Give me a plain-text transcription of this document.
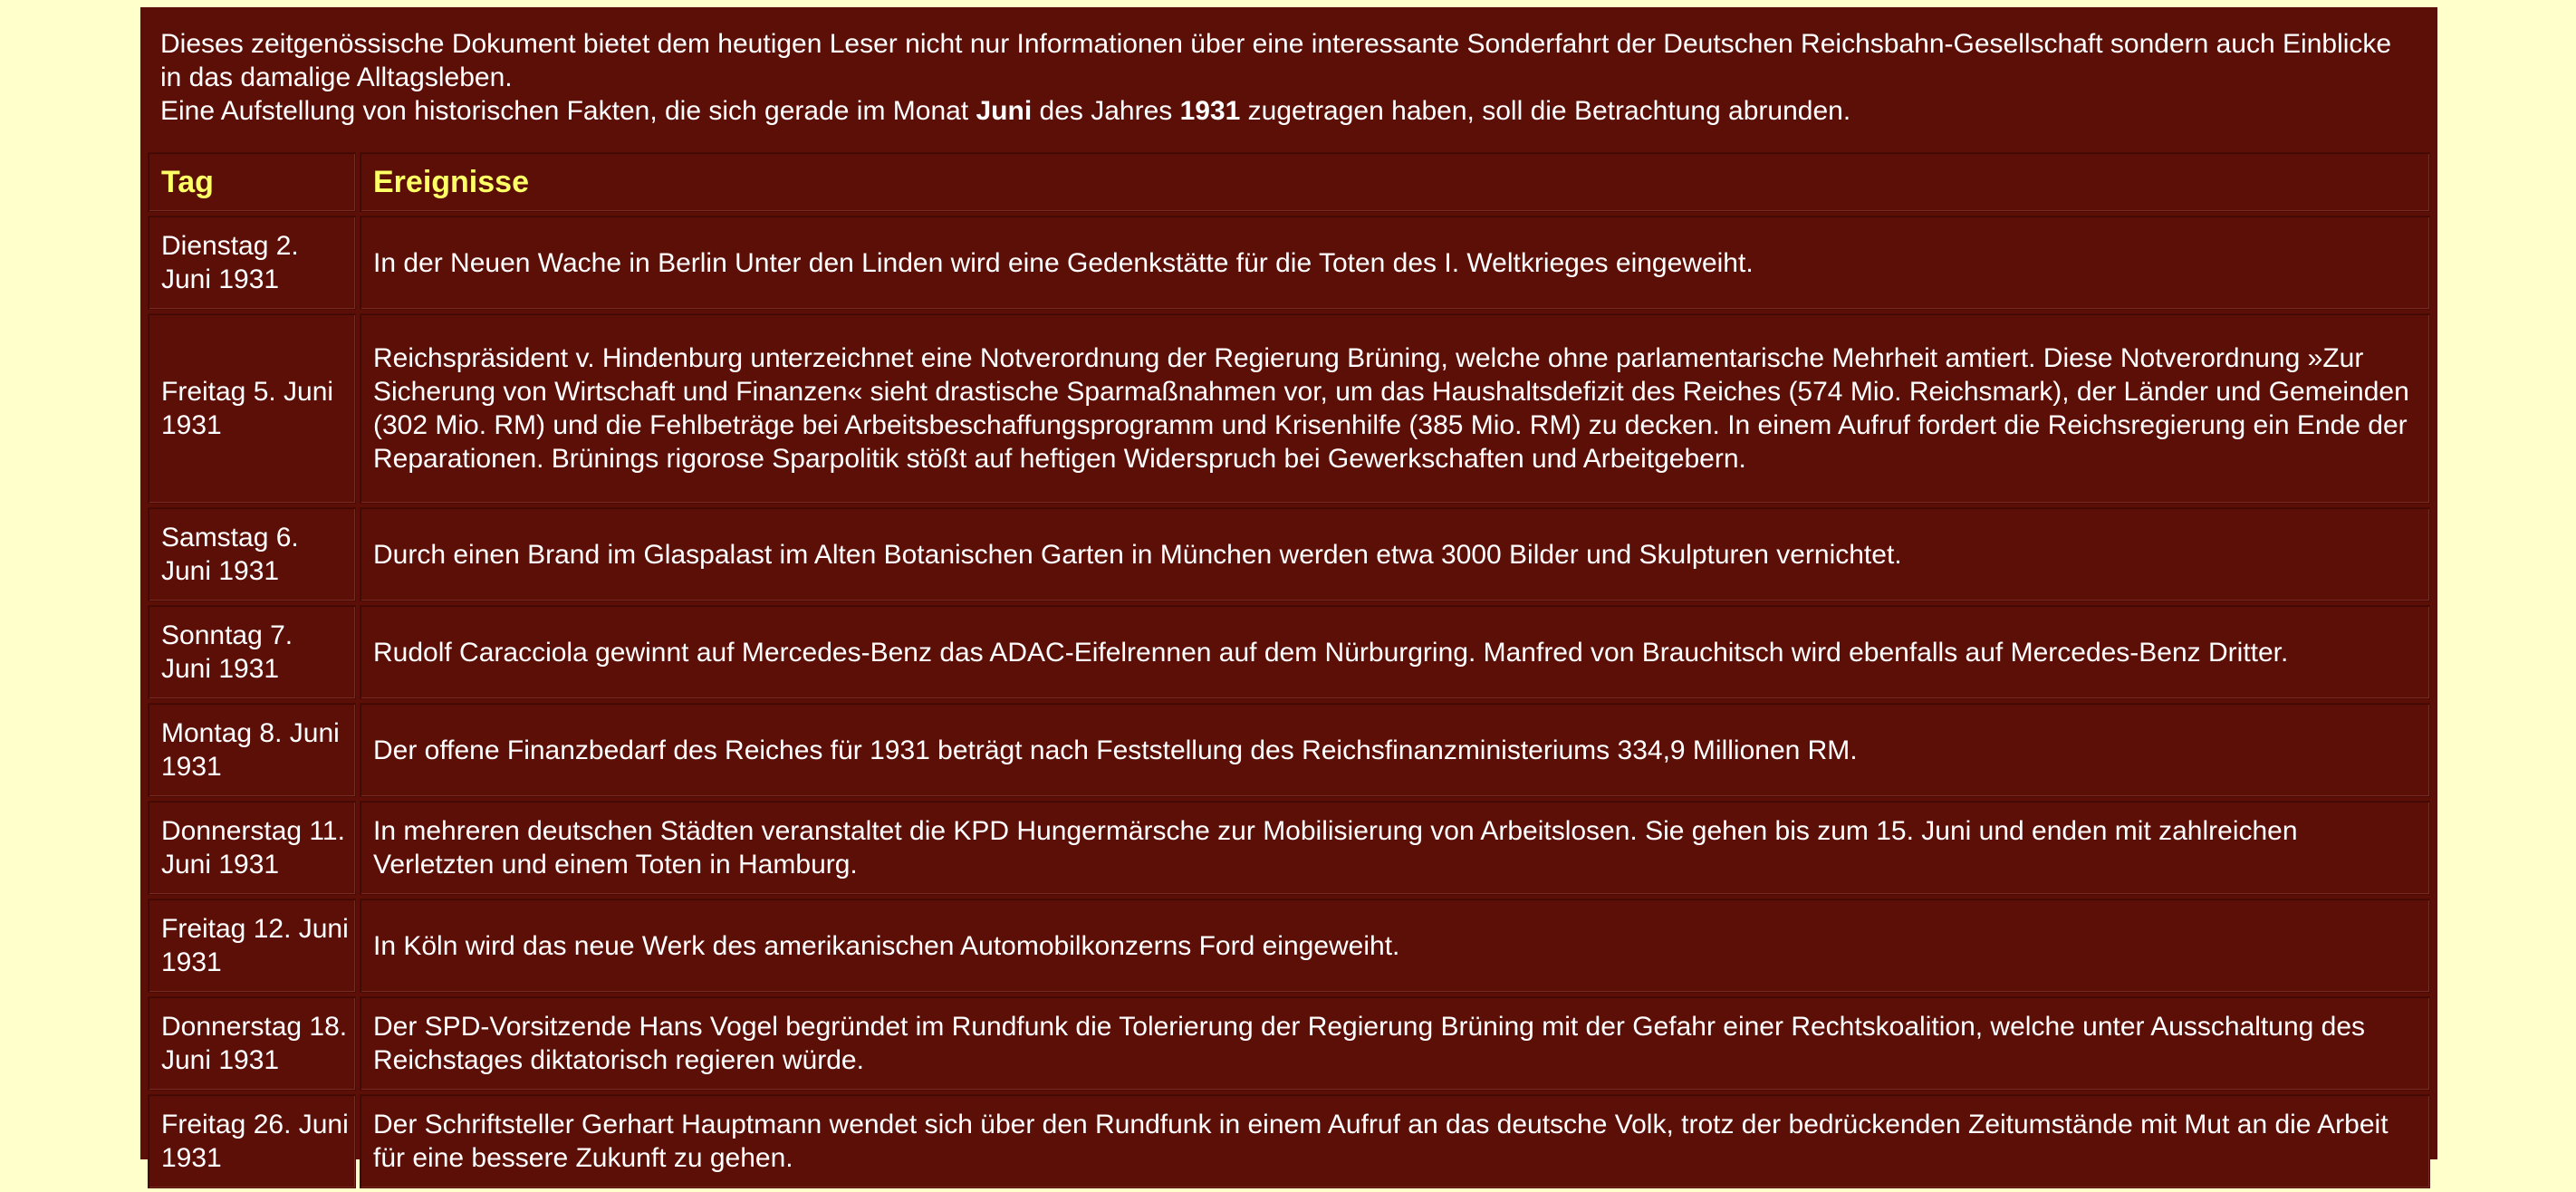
Dieses zeitgenössische Dokument bietet dem heutigen Leser nicht nur Informationen über eine interessante Sonderfahrt der Deutschen Reichsbahn-Gesellschaft sondern auch Einblicke in das damalige Alltagsleben.

Eine Aufstellung von historischen Fakten, die sich gerade im Monat Juni des Jahres 1931 zugetragen haben, soll die Betrachtung abrunden.

Tag	Ereignisse
Dienstag 2. Juni 1931	In der Neuen Wache in Berlin Unter den Linden wird eine Gedenkstätte für die Toten des I. Weltkrieges eingeweiht.
Freitag 5. Juni 1931	Reichspräsident v. Hindenburg unterzeichnet eine Notverordnung der Regierung Brüning, welche ohne parlamentarische Mehrheit amtiert. Diese Notverordnung »Zur Sicherung von Wirtschaft und Finanzen« sieht drastische Sparmaßnahmen vor, um das Haushaltsdefizit des Reiches (574 Mio. Reichsmark), der Länder und Gemeinden (302 Mio. RM) und die Fehlbeträge bei Arbeitsbeschaffungsprogramm und Krisenhilfe (385 Mio. RM) zu decken. In einem Aufruf fordert die Reichsregierung ein Ende der Reparationen. Brünings rigorose Sparpolitik stößt auf heftigen Widerspruch bei Gewerkschaften und Arbeitgebern.
Samstag 6. Juni 1931	Durch einen Brand im Glaspalast im Alten Botanischen Garten in München werden etwa 3000 Bilder und Skulpturen vernichtet.
Sonntag 7. Juni 1931	Rudolf Caracciola gewinnt auf Mercedes-Benz das ADAC-Eifelrennen auf dem Nürburgring. Manfred von Brauchitsch wird ebenfalls auf Mercedes-Benz Dritter.
Montag 8. Juni 1931	Der offene Finanzbedarf des Reiches für 1931 beträgt nach Feststellung des Reichsfinanzministeriums 334,9 Millionen RM.
Donnerstag 11. Juni 1931	In mehreren deutschen Städten veranstaltet die KPD Hungermärsche zur Mobilisierung von Arbeitslosen. Sie gehen bis zum 15. Juni und enden mit zahlreichen Verletzten und einem Toten in Hamburg.
Freitag 12. Juni 1931	In Köln wird das neue Werk des amerikanischen Automobilkonzerns Ford eingeweiht.
Donnerstag 18. Juni 1931	Der SPD-Vorsitzende Hans Vogel begründet im Rundfunk die Tolerierung der Regierung Brüning mit der Gefahr einer Rechtskoalition, welche unter Ausschaltung des Reichstages diktatorisch regieren würde.
Freitag 26. Juni 1931	Der Schriftsteller Gerhart Hauptmann wendet sich über den Rundfunk in einem Aufruf an das deutsche Volk, trotz der bedrückenden Zeitumstände mit Mut an die Arbeit für eine bessere Zukunft zu gehen.
